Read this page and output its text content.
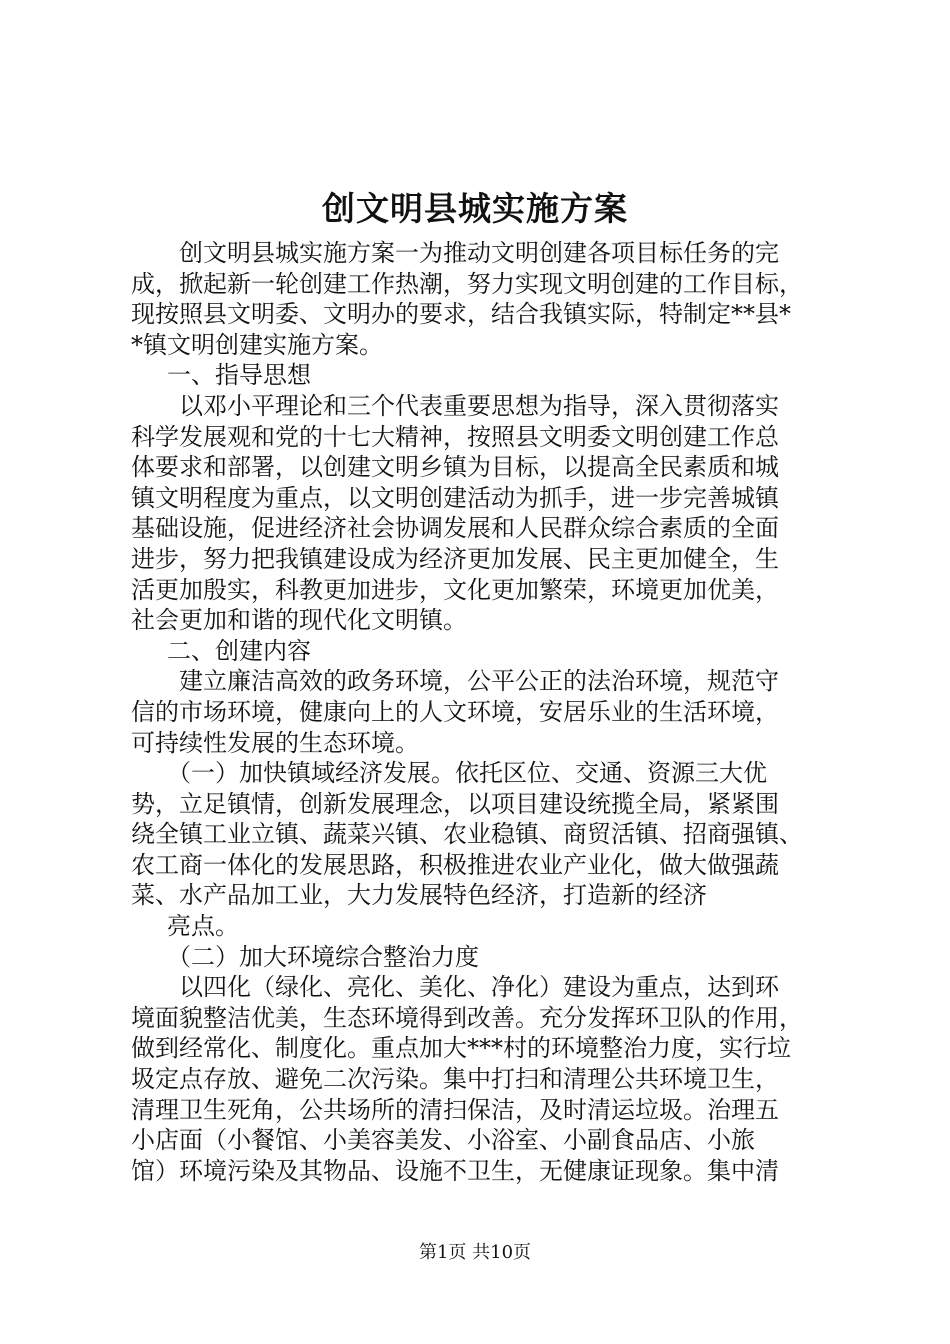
创文明县城实施方案
创文明县城实施方案一为推动文明创建各项目标任务的完
成，掀起新一轮创建工作热潮，努力实现文明创建的工作目标，
现按照县文明委、文明办的要求，结合我镇实际，特制定**县*
*镇文明创建实施方案。
一、指导思想
以邓小平理论和三个代表重要思想为指导，深入贯彻落实
科学发展观和党的十七大精神，按照县文明委文明创建工作总
体要求和部署，以创建文明乡镇为目标，以提高全民素质和城
镇文明程度为重点，以文明创建活动为抓手，进一步完善城镇
基础设施，促进经济社会协调发展和人民群众综合素质的全面
进步，努力把我镇建设成为经济更加发展、民主更加健全，生
活更加殷实，科教更加进步，文化更加繁荣，环境更加优美，
社会更加和谐的现代化文明镇。
二、创建内容
建立廉洁高效的政务环境，公平公正的法治环境，规范守
信的市场环境，健康向上的人文环境，安居乐业的生活环境，
可持续性发展的生态环境。
（一）加快镇域经济发展。依托区位、交通、资源三大优
势，立足镇情，创新发展理念，以项目建设统揽全局，紧紧围
绕全镇工业立镇、蔬菜兴镇、农业稳镇、商贸活镇、招商强镇、
农工商一体化的发展思路，积极推进农业产业化，做大做强蔬
菜、水产品加工业，大力发展特色经济，打造新的经济
亮点。
（二）加大环境综合整治力度
以四化（绿化、亮化、美化、净化）建设为重点，达到环
境面貌整洁优美，生态环境得到改善。充分发挥环卫队的作用，
做到经常化、制度化。重点加大***村的环境整治力度，实行垃
圾定点存放、避免二次污染。集中打扫和清理公共环境卫生，
清理卫生死角，公共场所的清扫保洁，及时清运垃圾。治理五
小店面（小餐馆、小美容美发、小浴室、小副食品店、小旅
馆）环境污染及其物品、设施不卫生，无健康证现象。集中清
第1页 共10页
